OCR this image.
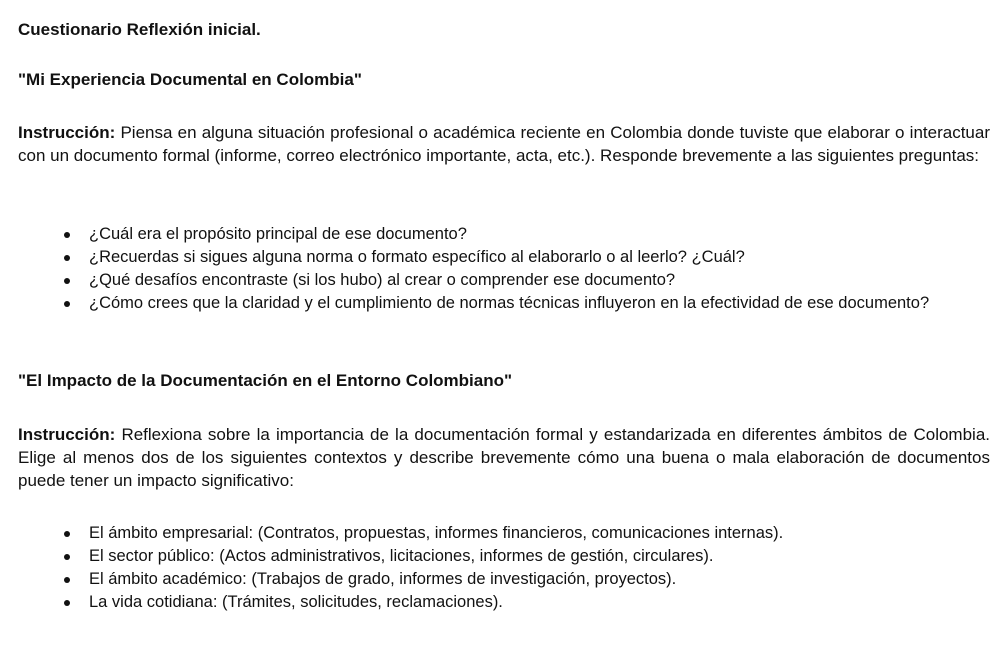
Cuestionario Reflexión inicial.
"Mi Experiencia Documental en Colombia"
Instrucción: Piensa en alguna situación profesional o académica reciente en Colombia donde tuviste que elaborar o interactuar con un documento formal (informe, correo electrónico importante, acta, etc.). Responde brevemente a las siguientes preguntas:
¿Cuál era el propósito principal de ese documento?
¿Recuerdas si sigues alguna norma o formato específico al elaborarlo o al leerlo? ¿Cuál?
¿Qué desafíos encontraste (si los hubo) al crear o comprender ese documento?
¿Cómo crees que la claridad y el cumplimiento de normas técnicas influyeron en la efectividad de ese documento?
"El Impacto de la Documentación en el Entorno Colombiano"
Instrucción: Reflexiona sobre la importancia de la documentación formal y estandarizada en diferentes ámbitos de Colombia. Elige al menos dos de los siguientes contextos y describe brevemente cómo una buena o mala elaboración de documentos puede tener un impacto significativo:
El ámbito empresarial: (Contratos, propuestas, informes financieros, comunicaciones internas).
El sector público: (Actos administrativos, licitaciones, informes de gestión, circulares).
El ámbito académico: (Trabajos de grado, informes de investigación, proyectos).
La vida cotidiana: (Trámites, solicitudes, reclamaciones).
